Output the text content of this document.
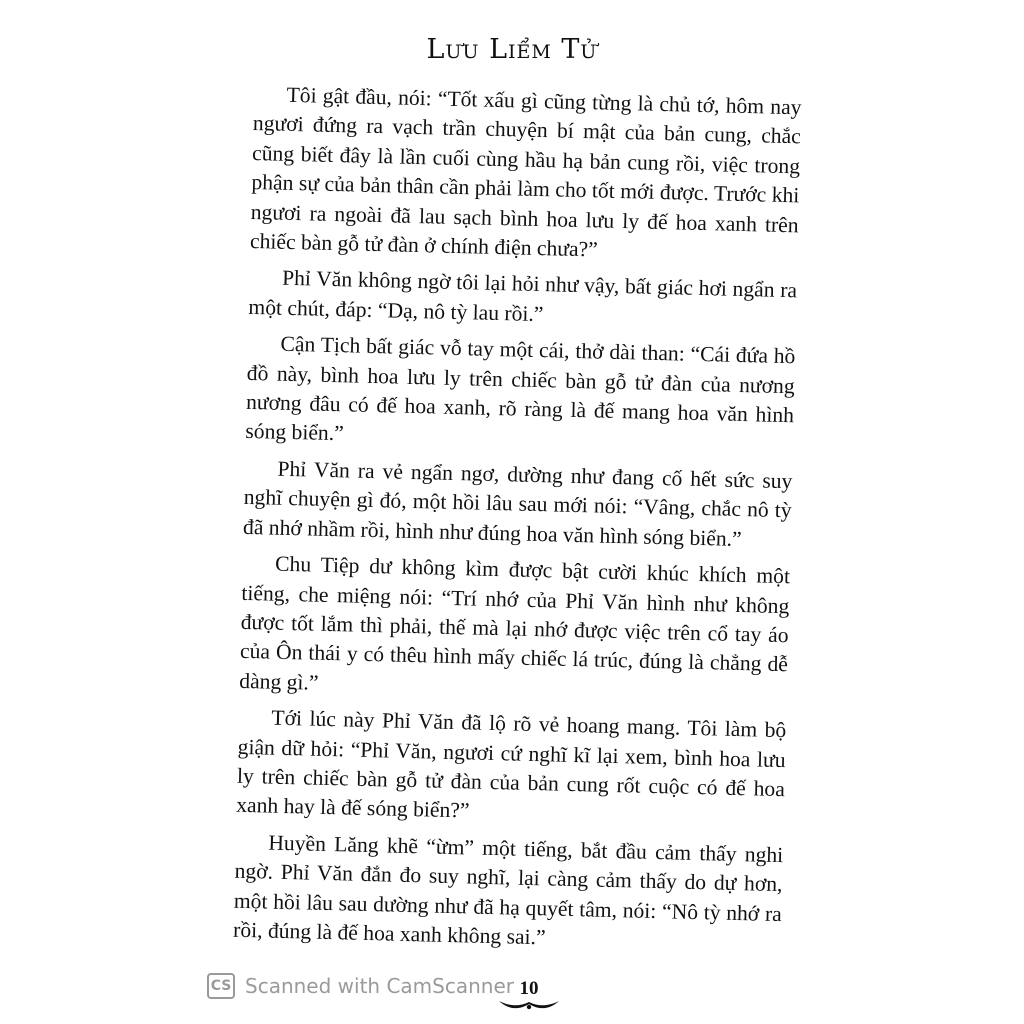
Lưu Liểm Tử

Tôi gật đầu, nói: “Tốt xấu gì cũng từng là chủ tớ, hôm nay ngươi đứng ra vạch trần chuyện bí mật của bản cung, chắc cũng biết đây là lần cuối cùng hầu hạ bản cung rồi, việc trong phận sự của bản thân cần phải làm cho tốt mới được. Trước khi ngươi ra ngoài đã lau sạch bình hoa lưu ly đế hoa xanh trên chiếc bàn gỗ tử đàn ở chính điện chưa?”

Phỉ Văn không ngờ tôi lại hỏi như vậy, bất giác hơi ngẩn ra một chút, đáp: “Dạ, nô tỳ lau rồi.”

Cận Tịch bất giác vỗ tay một cái, thở dài than: “Cái đứa hồ đồ này, bình hoa lưu ly trên chiếc bàn gỗ tử đàn của nương nương đâu có đế hoa xanh, rõ ràng là đế mang hoa văn hình sóng biển.”

Phỉ Văn ra vẻ ngẩn ngơ, dường như đang cố hết sức suy nghĩ chuyện gì đó, một hồi lâu sau mới nói: “Vâng, chắc nô tỳ đã nhớ nhầm rồi, hình như đúng hoa văn hình sóng biển.”

Chu Tiệp dư không kìm được bật cười khúc khích một tiếng, che miệng nói: “Trí nhớ của Phỉ Văn hình như không được tốt lắm thì phải, thế mà lại nhớ được việc trên cổ tay áo của Ôn thái y có thêu hình mấy chiếc lá trúc, đúng là chẳng dễ dàng gì.”

Tới lúc này Phỉ Văn đã lộ rõ vẻ hoang mang. Tôi làm bộ giận dữ hỏi: “Phỉ Văn, ngươi cứ nghĩ kĩ lại xem, bình hoa lưu ly trên chiếc bàn gỗ tử đàn của bản cung rốt cuộc có đế hoa xanh hay là đế sóng biển?”

Huyền Lăng khẽ “ừm” một tiếng, bắt đầu cảm thấy nghi ngờ. Phỉ Văn đắn đo suy nghĩ, lại càng cảm thấy do dự hơn, một hồi lâu sau dường như đã hạ quyết tâm, nói: “Nô tỳ nhớ ra rồi, đúng là đế hoa xanh không sai.”

CS Scanned with CamScanner 10
